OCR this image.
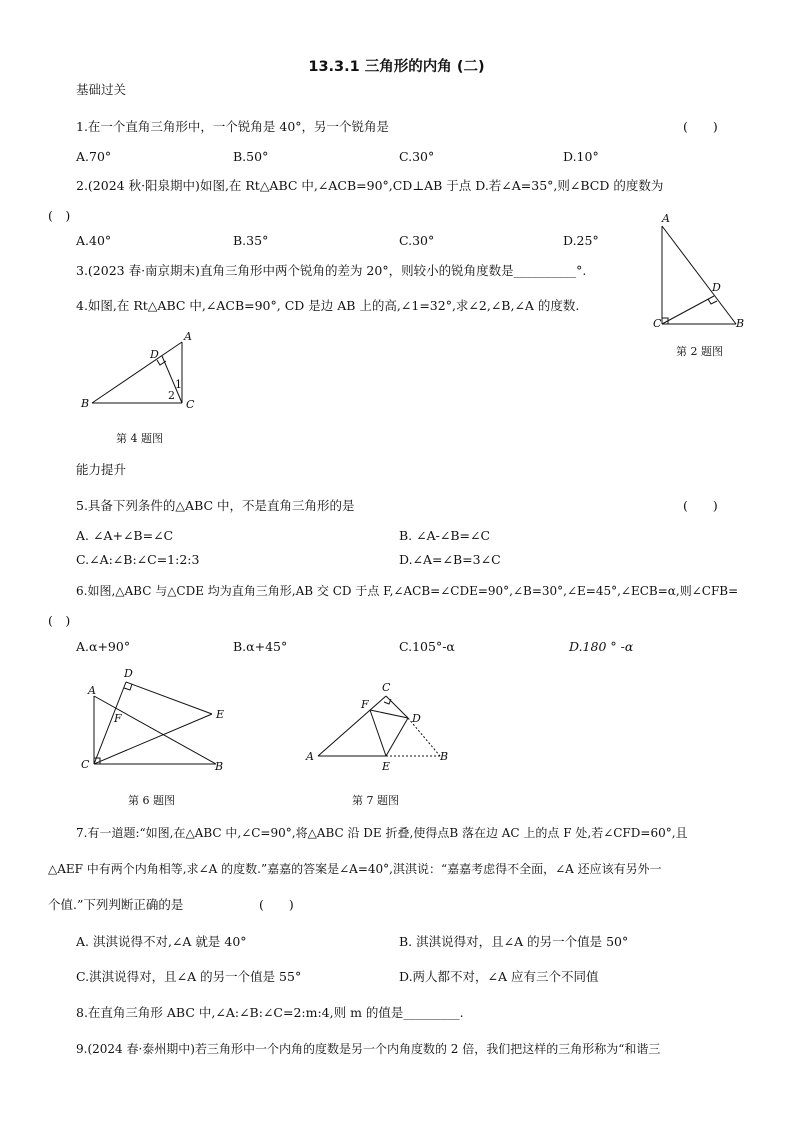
13.3.1 三角形的内角 (二)
基础过关
1.在一个直角三角形中，一个锐角是 40°，另一个锐角是	(　　)
A.70°	B.50°	C.30°	D.10°
2.(2024 秋·阳泉期中)如图,在 Rt△ABC 中,∠ACB=90°,CD⊥AB 于点 D.若∠A=35°,则∠BCD 的度数为
(　)
A.40°	B.35°	C.30°	D.25°
3.(2023 春·南京期末)直角三角形中两个锐角的差为 20°，则较小的锐角度数是__________°.
4.如图,在 Rt△ABC 中,∠ACB=90°, CD 是边 AB 上的高,∠1=32°,求∠2,∠B,∠A 的度数.
A
D
C	B
第 2 题图
A
D
B	C
1
2
第 4 题图
能力提升
5.具备下列条件的△ABC 中，不是直角三角形的是	(　　)
A. ∠A+∠B=∠C	B. ∠A-∠B=∠C
C.∠A:∠B:∠C=1:2:3	D.∠A=∠B=3∠C
6.如图,△ABC 与△CDE 均为直角三角形,AB 交 CD 于点 F,∠ACB=∠CDE=90°,∠B=30°,∠E=45°,∠ECB=α,则∠CFB=
(　)
A.α+90°	B.α+45°	C.105°-α	D.180 ° -α
D
A
F	E
C	B
第 6 题图
C
F
D
A
E
B
第 7 题图
7.有一道题:“如图,在△ABC 中,∠C=90°,将△ABC 沿 DE 折叠,使得点B 落在边 AC 上的点 F 处,若∠CFD=60°,且
△AEF 中有两个内角相等,求∠A 的度数.”嘉嘉的答案是∠A=40°,淇淇说：“嘉嘉考虑得不全面，∠A 还应该有另外一
个值.”下列判断正确的是	(　　)
A. 淇淇说得不对,∠A 就是 40°	B. 淇淇说得对，且∠A 的另一个值是 50°
C.淇淇说得对，且∠A 的另一个值是 55°	D.两人都不对，∠A 应有三个不同值
8.在直角三角形 ABC 中,∠A:∠B:∠C=2:m:4,则 m 的值是_________.
9.(2024 春·泰州期中)若三角形中一个内角的度数是另一个内角度数的 2 倍，我们把这样的三角形称为“和谐三
